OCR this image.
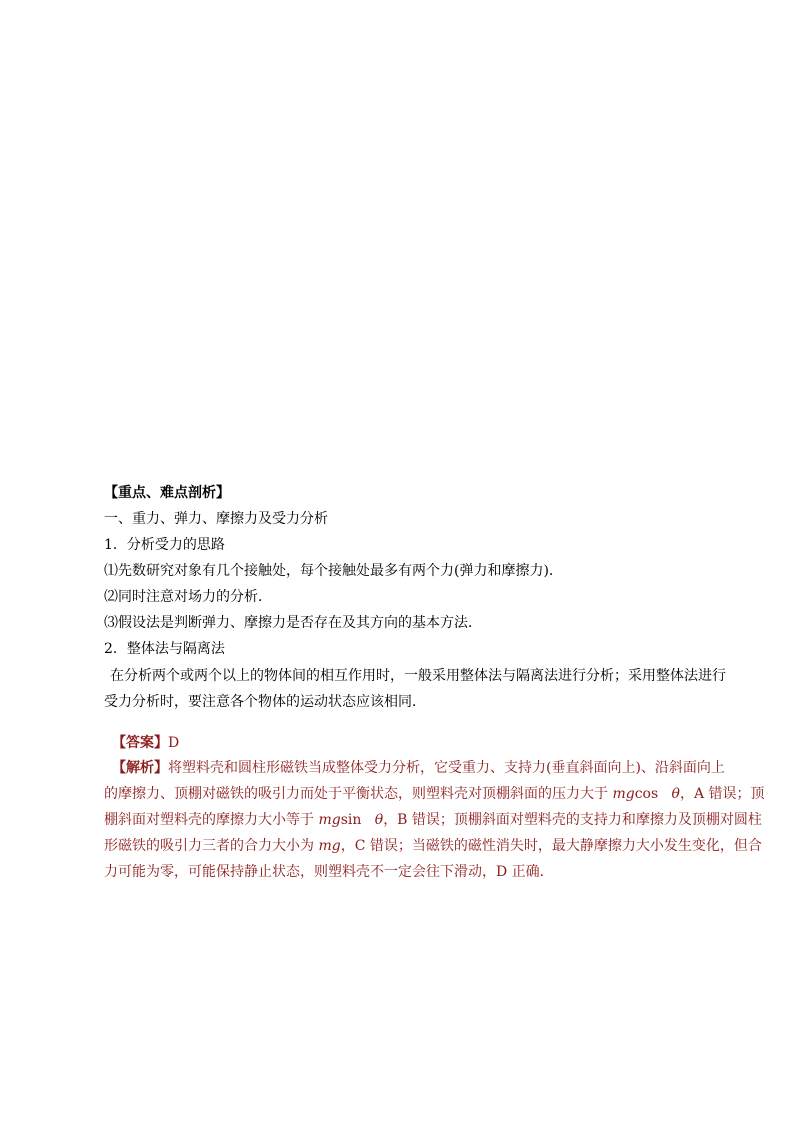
【重点、难点剖析】
一、重力、弹力、摩擦力及受力分析
1．分析受力的思路
⑴先数研究对象有几个接触处，每个接触处最多有两个力(弹力和摩擦力)．
⑵同时注意对场力的分析．
⑶假设法是判断弹力、摩擦力是否存在及其方向的基本方法．
2．整体法与隔离法
在分析两个或两个以上的物体间的相互作用时，一般采用整体法与隔离法进行分析；采用整体法进行
受力分析时，要注意各个物体的运动状态应该相同．
【答案】D
【解析】将塑料壳和圆柱形磁铁当成整体受力分析，它受重力、支持力(垂直斜面向上)、沿斜面向上
的摩擦力、顶棚对磁铁的吸引力而处于平衡状态，则塑料壳对顶棚斜面的压力大于 mgcos θ，A 错误；顶
棚斜面对塑料壳的摩擦力大小等于 mgsin θ，B 错误；顶棚斜面对塑料壳的支持力和摩擦力及顶棚对圆柱
形磁铁的吸引力三者的合力大小为 mg，C 错误；当磁铁的磁性消失时，最大静摩擦力大小发生变化，但合
力可能为零，可能保持静止状态，则塑料壳不一定会往下滑动，D 正确．
